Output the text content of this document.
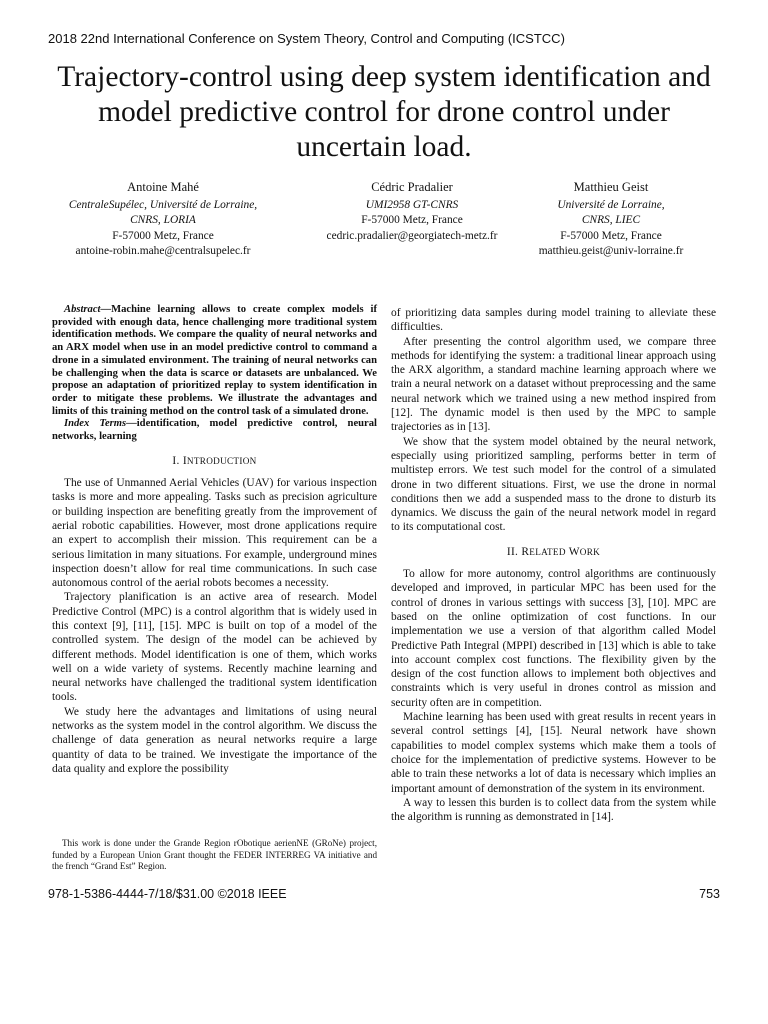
2018 22nd International Conference on System Theory, Control and Computing (ICSTCC)
Trajectory-control using deep system identification and model predictive control for drone control under uncertain load.
Antoine Mahé
CentraleSupélec, Université de Lorraine,
CNRS, LORIA
F-57000 Metz, France
antoine-robin.mahe@centralsupelec.fr
Cédric Pradalier
UMI2958 GT-CNRS
F-57000 Metz, France
cedric.pradalier@georgiatech-metz.fr
Matthieu Geist
Université de Lorraine,
CNRS, LIEC
F-57000 Metz, France
matthieu.geist@univ-lorraine.fr

Abstract—Machine learning allows to create complex models if provided with enough data, hence challenging more traditional system identification methods. We compare the quality of neural networks and an ARX model when use in an model predictive control to command a drone in a simulated environment. The training of neural networks can be challenging when the data is scarce or datasets are unbalanced. We propose an adaptation of prioritized replay to system identification in order to mitigate these problems. We illustrate the advantages and limits of this training method on the control task of a simulated drone.

Index Terms—identification, model predictive control, neural networks, learning

I. INTRODUCTION

The use of Unmanned Aerial Vehicles (UAV) for various inspection tasks is more and more appealing. Tasks such as precision agriculture or building inspection are benefiting greatly from the improvement of aerial robotic capabilities. However, most drone applications require an expert to accomplish their mission. This requirement can be a serious limitation in many situations. For example, underground mines inspection doesn’t allow for real time communications. In such case autonomous control of the aerial robots becomes a necessity.

Trajectory planification is an active area of research. Model Predictive Control (MPC) is a control algorithm that is widely used in this context [9], [11], [15]. MPC is built on top of a model of the controlled system. The design of the model can be achieved by different methods. Model identification is one of them, which works well on a wide variety of systems. Recently machine learning and neural networks have challenged the traditional system identification tools.

We study here the advantages and limitations of using neural networks as the system model in the control algorithm. We discuss the challenge of data generation as neural networks require a large quantity of data to be trained. We investigate the importance of the data quality and explore the possibility

This work is done under the Grande Region rObotique aerienNE (GRoNe) project, funded by a European Union Grant thought the FEDER INTERREG VA initiative and the french “Grand Est” Region.

of prioritizing data samples during model training to alleviate these difficulties.

After presenting the control algorithm used, we compare three methods for identifying the system: a traditional linear approach using the ARX algorithm, a standard machine learning approach where we train a neural network on a dataset without preprocessing and the same neural network which we trained using a new method inspired from [12]. The dynamic model is then used by the MPC to sample trajectories as in [13].

We show that the system model obtained by the neural network, especially using prioritized sampling, performs better in term of multistep errors. We test such model for the control of a simulated drone in two different situations. First, we use the drone in normal conditions then we add a suspended mass to the drone to disturb its dynamics. We discuss the gain of the neural network model in regard to its computational cost.

II. RELATED WORK

To allow for more autonomy, control algorithms are continuously developed and improved, in particular MPC has been used for the control of drones in various settings with success [3], [10]. MPC are based on the online optimization of cost functions. In our implementation we use a version of that algorithm called Model Predictive Path Integral (MPPI) described in [13] which is able to take into account complex cost functions. The flexibility given by the design of the cost function allows to implement both objectives and constraints which is very useful in drones control as mission and security often are in competition.

Machine learning has been used with great results in recent years in several control settings [4], [15]. Neural network have shown capabilities to model complex systems which make them a tools of choice for the implementation of predictive systems. However to be able to train these networks a lot of data is necessary which implies an important amount of demonstration of the system in its environment.

A way to lessen this burden is to collect data from the system while the algorithm is running as demonstrated in [14].

978-1-5386-4444-7/18/$31.00 ©2018 IEEE	753
